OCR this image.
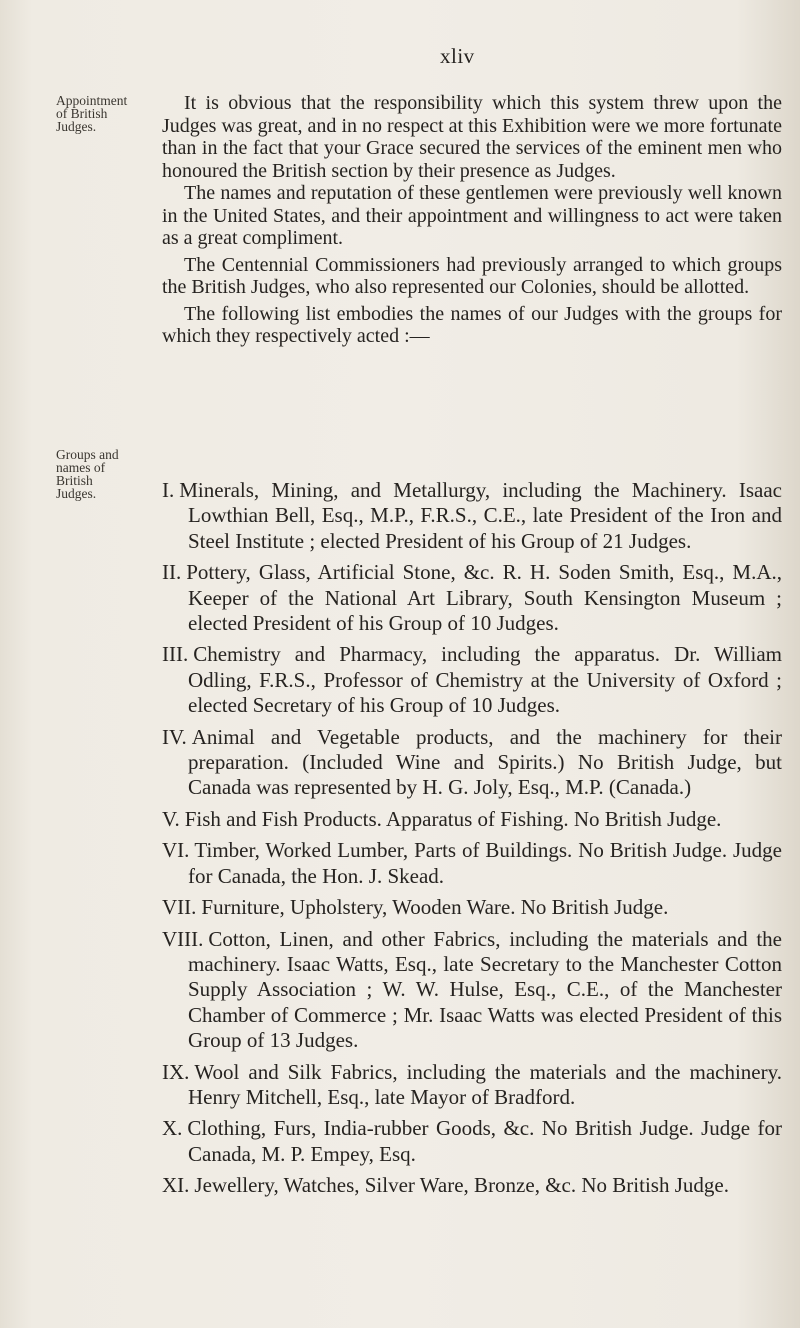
xliv
Appointment of British Judges.
Groups and names of British Judges.

It is obvious that the responsibility which this system threw upon the Judges was great, and in no respect at this Exhibition were we more fortunate than in the fact that your Grace secured the services of the eminent men who honoured the British section by their presence as Judges.

The names and reputation of these gentlemen were previously well known in the United States, and their appointment and willingness to act were taken as a great compliment.

The Centennial Commissioners had previously arranged to which groups the British Judges, who also represented our Colonies, should be allotted.

The following list embodies the names of our Judges with the groups for which they respectively acted :—

I. Minerals, Mining, and Metallurgy, including the Machinery. Isaac Lowthian Bell, Esq., M.P., F.R.S., C.E., late President of the Iron and Steel Institute ; elected President of his Group of 21 Judges.
II. Pottery, Glass, Artificial Stone, &c. R. H. Soden Smith, Esq., M.A., Keeper of the National Art Library, South Kensington Museum ; elected President of his Group of 10 Judges.
III. Chemistry and Pharmacy, including the apparatus. Dr. William Odling, F.R.S., Professor of Chemistry at the University of Oxford ; elected Secretary of his Group of 10 Judges.
IV. Animal and Vegetable products, and the machinery for their preparation. (Included Wine and Spirits.) No British Judge, but Canada was represented by H. G. Joly, Esq., M.P. (Canada.)
V. Fish and Fish Products. Apparatus of Fishing. No British Judge.
VI. Timber, Worked Lumber, Parts of Buildings. No British Judge. Judge for Canada, the Hon. J. Skead.
VII. Furniture, Upholstery, Wooden Ware. No British Judge.
VIII. Cotton, Linen, and other Fabrics, including the materials and the machinery. Isaac Watts, Esq., late Secretary to the Manchester Cotton Supply Association ; W. W. Hulse, Esq., C.E., of the Manchester Chamber of Commerce ; Mr. Isaac Watts was elected President of this Group of 13 Judges.
IX. Wool and Silk Fabrics, including the materials and the machinery. Henry Mitchell, Esq., late Mayor of Bradford.
X. Clothing, Furs, India-rubber Goods, &c. No British Judge. Judge for Canada, M. P. Empey, Esq.
XI. Jewellery, Watches, Silver Ware, Bronze, &c. No British Judge.
